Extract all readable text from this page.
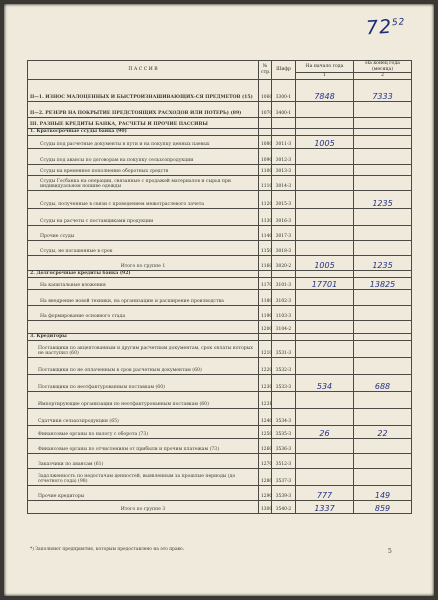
$72^{52}$
П А С С И В	№ стр.	Шифр	На начало года	На конец года (месяца)
			1	2
II—1. ИЗНОС МАЛОЦЕННЫХ И БЫСТРОИЗНАШИВАЮЩИХ-СЯ ПРЕДМЕТОВ (15)	1060	3300-1	7848	7333
II—2. РЕЗЕРВ НА ПОКРЫТИЕ ПРЕДСТОЯЩИХ РАСХОДОВ ИЛИ ПОТЕРЬ) (89)	1070	3400-1		
III. РАЗНЫЕ КРЕДИТЫ БАНКА, РАСЧЕТЫ И ПРОЧИЕ ПАССИВЫ				
1. Краткосрочные ссуды банка (90)				
Ссуды под расчетные документы в пути и на покупку ценных паевых	1080	3011-3	1005	
Ссуды под авансы по договорам на покупку сельхозпродукции	1090	3012-3		
Ссуды на временное пополнение оборотных средств	1100	3013-3		
Ссуды Госбанка на операции, связанные с продажей материалов и сырья при индивидуальном пошиве одежды	1110	3014-3		
Ссуды, полученные в связи с проведением межотраслевого зачета	1120	3015-3		1235
Ссуды на расчеты с поставщиками продукции	1130	3016-3		
Прочие ссуды	1140	3017-3		
Ссуды, не погашенные в срок	1150	3018-3		
Итого по группе 1	1160	3020-2	1005	1235
2. Долгосрочные кредиты банка (92)				
На капитальные вложения	1170	3101-3	17701	13825
На внедрение новой техники, на организацию и расширение производства	1180	3102-3		
На формирование основного стада	1190	1103-3		
	1200	3104-2		
3. Кредиторы				
Поставщики по акцептованным и другим расчетным документам, срок оплаты которых не наступил (60)	1210	3531-3		
Поставщики по не оплаченным в срок расчетным документам (60)	1220	3532-3		
Поставщики по неотфактурованным поставкам (60)	1230	3533-3	534	688
Импортирующие организации по неотфактурованным поставкам (60)	1231			
Сдатчики сельхозпродукции (65)	1240	3534-3		
Финансовые органы по налогу с оборота (73)	1250	3535-3	26	22
Финансовые органы по отчислениям от прибыли и прочим платежам (73)	1260	3536-3		
Заказчики по авансам (61)	1270	3512-3		
Задолженность по недостачам ценностей, выявленным за прошлые периоды (до отчетного года) (98)	1280	3537-3		
Прочие кредиторы	1290	3539-3	777	149
Итого по группе 3	1300	3540-2	1337	859
*) Заполняют предприятия, которым предоставлено на это право.	5
